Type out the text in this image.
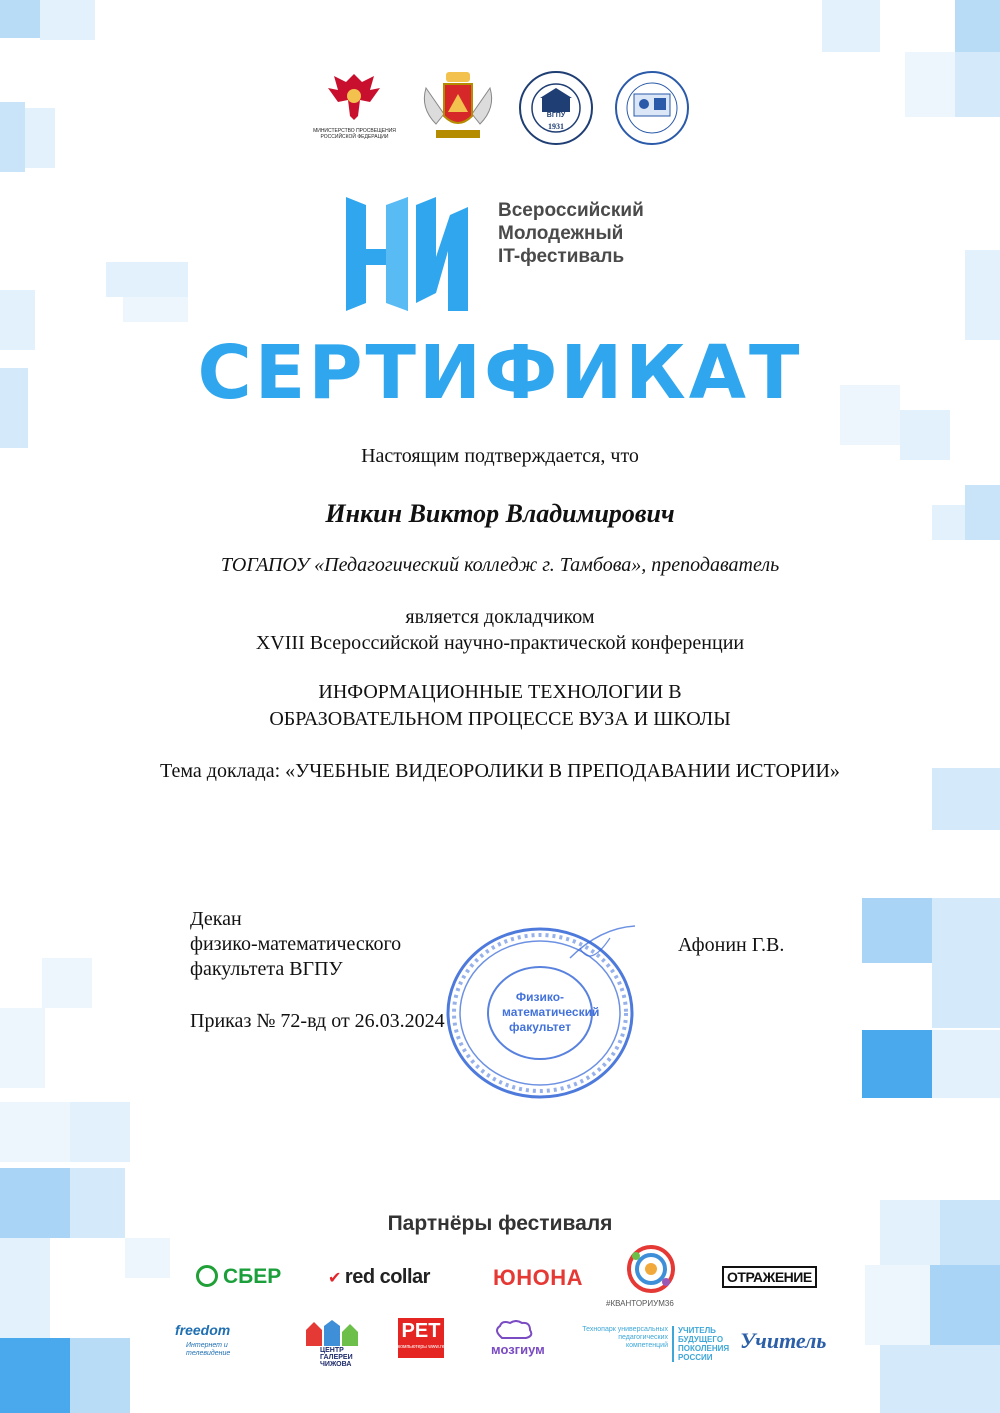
МИНИСТЕРСТВО ПРОСВЕЩЕНИЯ РОССИЙСКОЙ ФЕДЕРАЦИИ
ВГПУ
1931
Всероссийский
Молодежный
IT-фестиваль
СЕРТИФИКАТ
Настоящим подтверждается, что
Инкин Виктор Владимирович
ТОГАПОУ «Педагогический колледж г. Тамбова», преподаватель
является докладчиком
XVIII Всероссийской научно-практической конференции
ИНФОРМАЦИОННЫЕ ТЕХНОЛОГИИ В
ОБРАЗОВАТЕЛЬНОМ ПРОЦЕССЕ ВУЗА И ШКОЛЫ
Тема доклада: «УЧЕБНЫЕ ВИДЕОРОЛИКИ В ПРЕПОДАВАНИИ ИСТОРИИ»
Декан
физико-математического
факультета ВГПУ
Физико- математический факультет
Афонин Г.В.
Приказ № 72-вд от 26.03.2024
Партнёры фестиваля
СБЕР	✔ red collar	ЮНОНА
#КВАНТОРИУМ36
ОТРАЖЕНИЕ
freedom
Интернет и телевидение	ЦЕНТР ГАЛЕРЕИ ЧИЖОВА
РЕТ
компьютеры www.ret.ru	мозгиум
Технопарк универсальных педагогических компетенций
УЧИТЕЛЬ БУДУЩЕГО ПОКОЛЕНИЯ РОССИИ
Учитель
